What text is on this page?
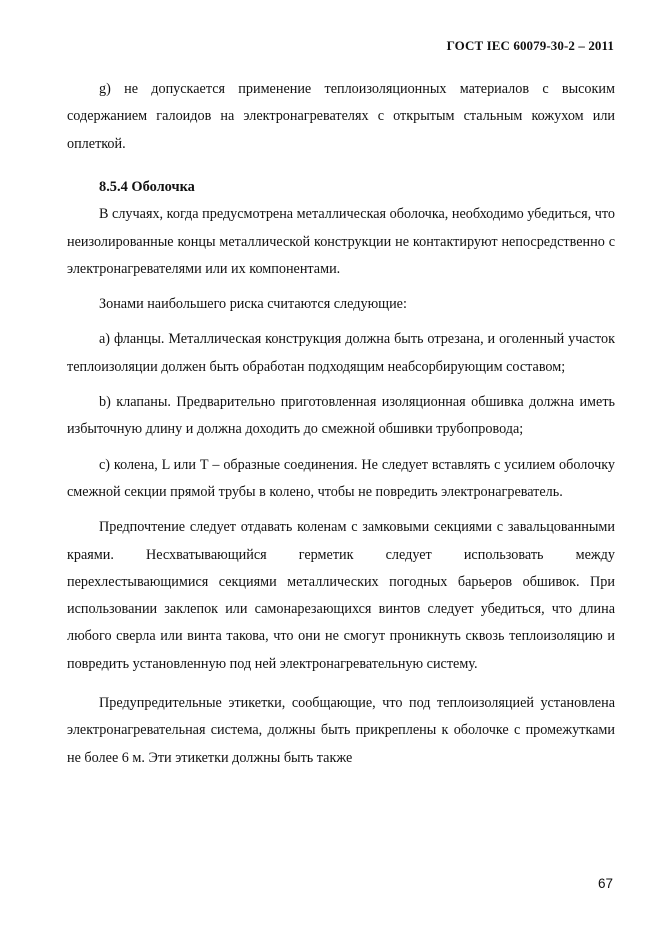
ГОСТ IEC 60079-30-2 – 2011

g) не допускается применение теплоизоляционных материалов с высоким содержанием галоидов на электронагревателях с открытым стальным кожухом или оплеткой.

8.5.4 Оболочка

В случаях, когда предусмотрена металлическая оболочка, необходимо убедиться, что неизолированные концы металлической конструкции не контактируют непосредственно с электронагревателями или их компонентами.

Зонами наибольшего риска считаются следующие:

а) фланцы. Металлическая конструкция должна быть отрезана, и оголенный участок теплоизоляции должен быть обработан подходящим неабсорбирующим составом;

b) клапаны. Предварительно приготовленная изоляционная обшивка должна иметь избыточную длину и должна доходить до смежной обшивки трубопровода;

с) колена, L или Т – образные соединения. Не следует вставлять с усилием оболочку смежной секции прямой трубы в колено, чтобы не повредить электронагреватель.

Предпочтение следует отдавать коленам с замковыми секциями с завальцованными краями. Несхватывающийся герметик следует использовать между перехлестывающимися секциями металлических погодных барьеров обшивок. При использовании заклепок или самонарезающихся винтов следует убедиться, что длина любого сверла или винта такова, что они не смогут проникнуть сквозь теплоизоляцию и повредить установленную под ней электронагревательную систему.

Предупредительные этикетки, сообщающие, что под теплоизоляцией установлена электронагревательная система, должны быть прикреплены к оболочке с промежутками не более 6 м. Эти этикетки должны быть также

67
